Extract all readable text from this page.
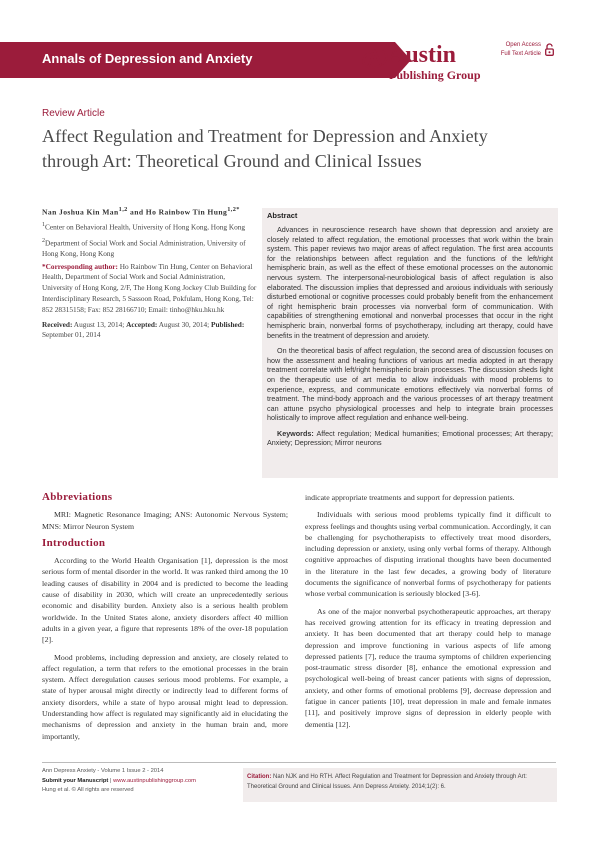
Annals of Depression and Anxiety	Austin
Publishing Group
Open Access
Full Text Article
Review Article
Affect Regulation and Treatment for Depression and Anxiety through Art: Theoretical Ground and Clinical Issues
Nan Joshua Kin Man$^{1,2}$ and Ho Rainbow Tin Hung$^{1,2*}$
$^1$Center on Behavioral Health, University of Hong Kong, Hong Kong
$^2$Department of Social Work and Social Administration, University of Hong Kong, Hong Kong
*Corresponding author: Ho Rainbow Tin Hung, Center on Behavioral Health, Department of Social Work and Social Administration, University of Hong Kong, 2/F, The Hong Kong Jockey Club Building for Interdisciplinary Research, 5 Sassoon Road, Pokfulam, Hong Kong, Tel: 852 28315158; Fax: 852 28166710; Email: tinho@hku.hku.hk
Received: August 13, 2014; Accepted: August 30, 2014; Published: September 01, 2014
Abstract

Advances in neuroscience research have shown that depression and anxiety are closely related to affect regulation, the emotional processes that work within the brain system. This paper reviews two major areas of affect regulation. The first area accounts for the relationships between affect regulation and the functions of the left/right hemispheric brain, as well as the effect of these emotional processes on the autonomic nervous system. The interpersonal-neurobiological basis of affect regulation is also elaborated. The discussion implies that depressed and anxious individuals with seriously disturbed emotional or cognitive processes could probably benefit from the enhancement of right hemispheric brain processes via nonverbal form of communication. With capabilities of strengthening emotional and nonverbal processes that occur in the right hemispheric brain, nonverbal forms of psychotherapy, including art therapy, could have benefits in the treatment of depression and anxiety.

On the theoretical basis of affect regulation, the second area of discussion focuses on how the assessment and healing functions of various art media adopted in art therapy treatment correlate with left/right hemispheric brain processes. The discussion sheds light on the therapeutic use of art media to allow individuals with mood problems to experience, express, and communicate emotions effectively via nonverbal forms of treatment. The mind-body approach and the various processes of art therapy treatment can attune psycho physiological processes and help to integrate brain processes holistically to improve affect regulation and enhance well-being.

Keywords: Affect regulation; Medical humanities; Emotional processes; Art therapy; Anxiety; Depression; Mirror neurons

Abbreviations

MRI: Magnetic Resonance Imaging; ANS: Autonomic Nervous System; MNS: Mirror Neuron System

Introduction

According to the World Health Organisation [1], depression is the most serious form of mental disorder in the world. It was ranked third among the 10 leading causes of disability in 2004 and is predicted to become the leading cause of disability in 2030, which will create an unprecedentedly serious economic and disability burden. Anxiety also is a serious health problem worldwide. In the United States alone, anxiety disorders affect 40 million adults in a given year, a figure that represents 18% of the over-18 population [2].

Mood problems, including depression and anxiety, are closely related to affect regulation, a term that refers to the emotional processes in the brain system. Affect deregulation causes serious mood problems. For example, a state of hyper arousal might directly or indirectly lead to different forms of anxiety disorders, while a state of hypo arousal might lead to depression. Understanding how affect is regulated may significantly aid in elucidating the mechanisms of depression and anxiety in the human brain and, more importantly,

indicate appropriate treatments and support for depression patients.

Individuals with serious mood problems typically find it difficult to express feelings and thoughts using verbal communication. Accordingly, it can be challenging for psychotherapists to effectively treat mood disorders, including depression or anxiety, using only verbal forms of therapy. Although cognitive approaches of disputing irrational thoughts have been documented in the literature in the last few decades, a growing body of literature documents the significance of nonverbal forms of psychotherapy for patients whose verbal communication is seriously blocked [3-6].

As one of the major nonverbal psychotherapeutic approaches, art therapy has received growing attention for its efficacy in treating depression and anxiety. It has been documented that art therapy could help to manage depression and improve functioning in various aspects of life among depressed patients [7], reduce the trauma symptoms of children experiencing post-traumatic stress disorder [8], enhance the emotional expression and psychological well-being of breast cancer patients with signs of depression, anxiety, and other forms of emotional problems [9], decrease depression and fatigue in cancer patients [10], treat depression in male and female inmates [11], and positively improve signs of depression in elderly people with dementia [12].

Ann Depress Anxiety - Volume 1 Issue 2 - 2014
Submit your Manuscript | www.austinpublishinggroup.com
Hung et al. © All rights are reserved
Citation: Nan NJK and Ho RTH. Affect Regulation and Treatment for Depression and Anxiety through Art: Theoretical Ground and Clinical Issues. Ann Depress Anxiety. 2014;1(2): 6.
